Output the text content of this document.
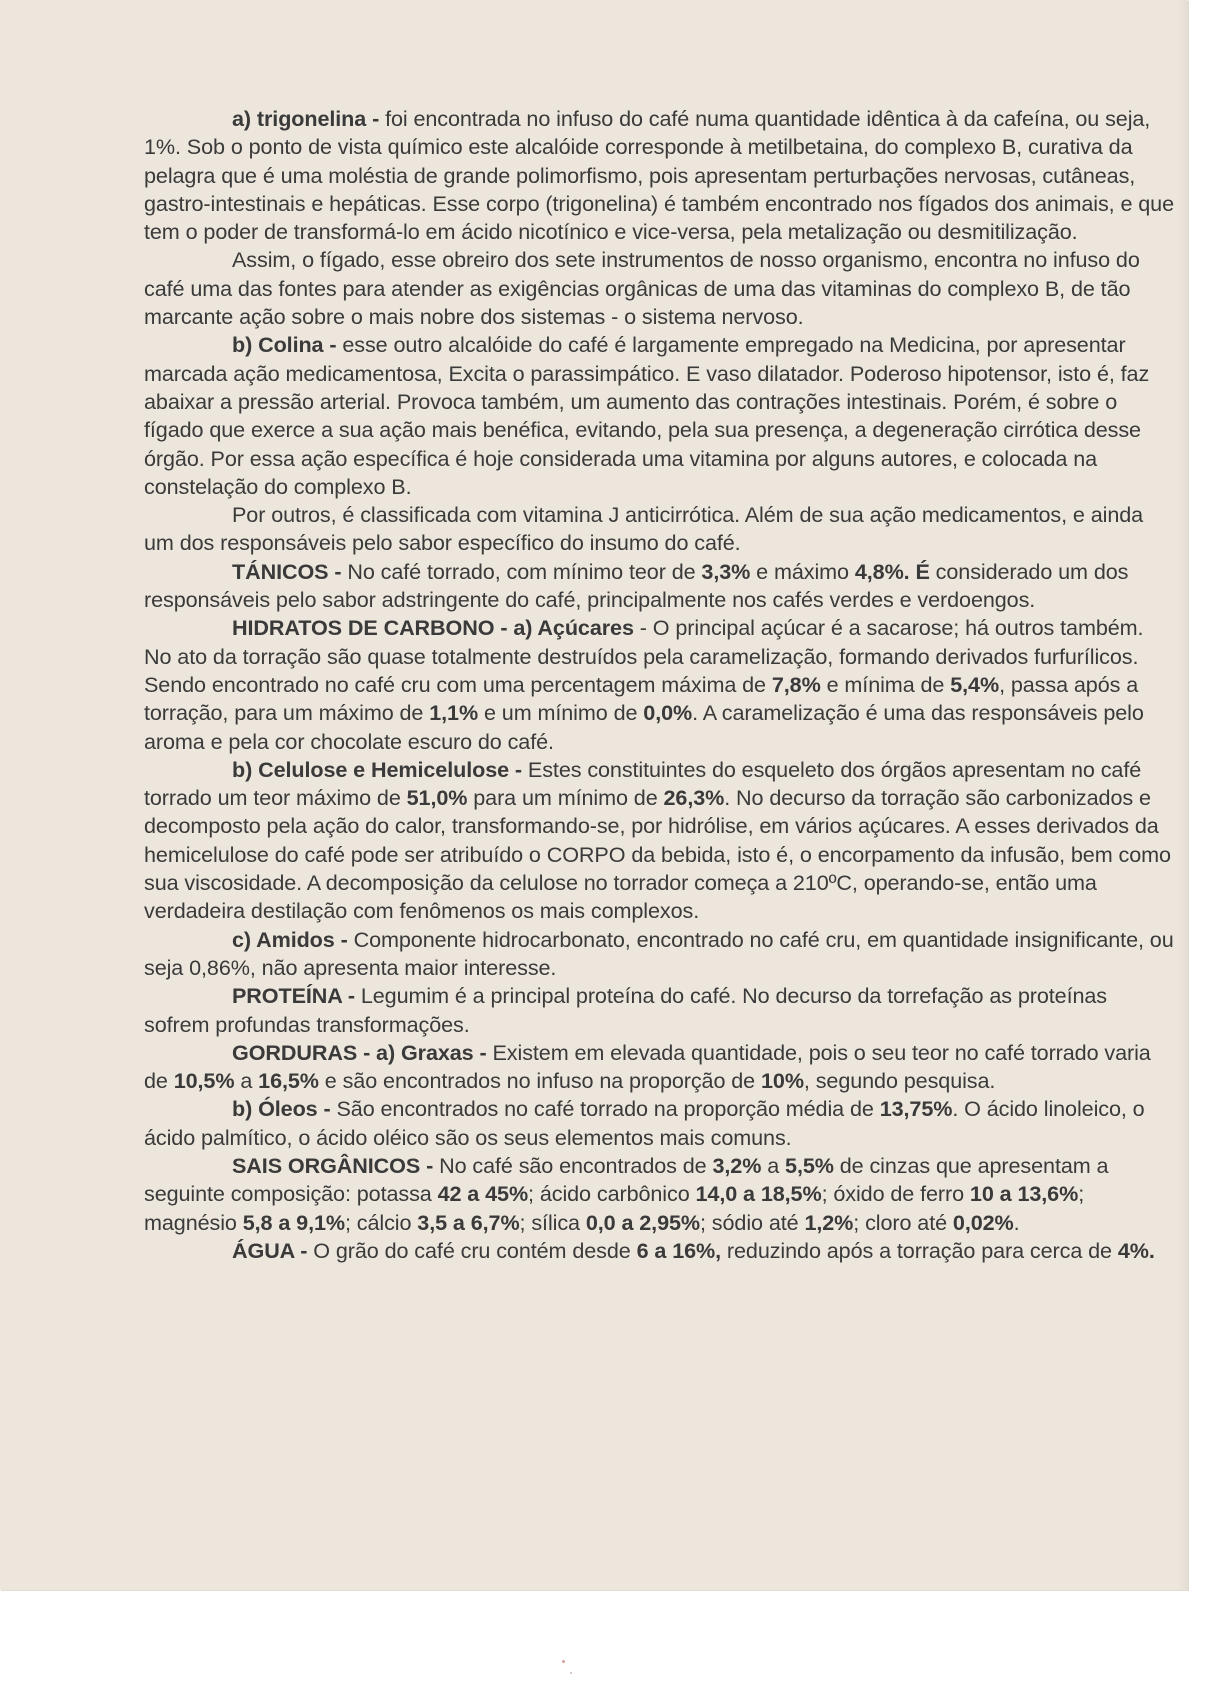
a) trigonelina - foi encontrada no infuso do café numa quantidade idêntica à da cafeína, ou seja, 1%. Sob o ponto de vista químico este alcalóide corresponde à metilbetaina, do complexo B, curativa da pelagra que é uma moléstia de grande polimorfismo, pois apresentam perturbações nervosas, cutâneas, gastro-intestinais e hepáticas. Esse corpo (trigonelina) é também encontrado nos fígados dos animais, e que tem o poder de transformá-lo em ácido nicotínico e vice-versa, pela metalização ou desmitilização.

Assim, o fígado, esse obreiro dos sete instrumentos de nosso organismo, encontra no infuso do café uma das fontes para atender as exigências orgânicas de uma das vitaminas do complexo B, de tão marcante ação sobre o mais nobre dos sistemas - o sistema nervoso.

b) Colina - esse outro alcalóide do café é largamente empregado na Medicina, por apresentar marcada ação medicamentosa, Excita o parassimpático. E vaso dilatador. Poderoso hipotensor, isto é, faz abaixar a pressão arterial. Provoca também, um aumento das contrações intestinais. Porém, é sobre o fígado que exerce a sua ação mais benéfica, evitando, pela sua presença, a degeneração cirrótica desse órgão. Por essa ação específica é hoje considerada uma vitamina por alguns autores, e colocada na constelação do complexo B.

Por outros, é classificada com vitamina J anticirrótica. Além de sua ação medicamentos, e ainda um dos responsáveis pelo sabor específico do insumo do café.

TÁNICOS - No café torrado, com mínimo teor de 3,3% e máximo 4,8%. É considerado um dos responsáveis pelo sabor adstringente do café, principalmente nos cafés verdes e verdoengos.

HIDRATOS DE CARBONO - a) Açúcares - O principal açúcar é a sacarose; há outros também. No ato da torração são quase totalmente destruídos pela caramelização, formando derivados furfurílicos. Sendo encontrado no café cru com uma percentagem máxima de 7,8% e mínima de 5,4%, passa após a torração, para um máximo de 1,1% e um mínimo de 0,0%. A caramelização é uma das responsáveis pelo aroma e pela cor chocolate escuro do café.

b) Celulose e Hemicelulose - Estes constituintes do esqueleto dos órgãos apresentam no café torrado um teor máximo de 51,0% para um mínimo de 26,3%. No decurso da torração são carbonizados e decomposto pela ação do calor, transformando-se, por hidrólise, em vários açúcares. A esses derivados da hemicelulose do café pode ser atribuído o CORPO da bebida, isto é, o encorpamento da infusão, bem como sua viscosidade. A decomposição da celulose no torrador começa a 210ºC, operando-se, então uma verdadeira destilação com fenômenos os mais complexos.

c) Amidos - Componente hidrocarbonato, encontrado no café cru, em quantidade insignificante, ou seja 0,86%, não apresenta maior interesse.

PROTEÍNA - Legumim é a principal proteína do café. No decurso da torrefação as proteínas sofrem profundas transformações.

GORDURAS - a) Graxas - Existem em elevada quantidade, pois o seu teor no café torrado varia de 10,5% a 16,5% e são encontrados no infuso na proporção de 10%, segundo pesquisa.

b) Óleos - São encontrados no café torrado na proporção média de 13,75%. O ácido linoleico, o ácido palmítico, o ácido oléico são os seus elementos mais comuns.

SAIS ORGÂNICOS - No café são encontrados de 3,2% a 5,5% de cinzas que apresentam a seguinte composição: potassa 42 a 45%; ácido carbônico 14,0 a 18,5%; óxido de ferro 10 a 13,6%; magnésio 5,8 a 9,1%; cálcio 3,5 a 6,7%; sílica 0,0 a 2,95%; sódio até 1,2%; cloro até 0,02%.

ÁGUA - O grão do café cru contém desde 6 a 16%, reduzindo após a torração para cerca de 4%.
